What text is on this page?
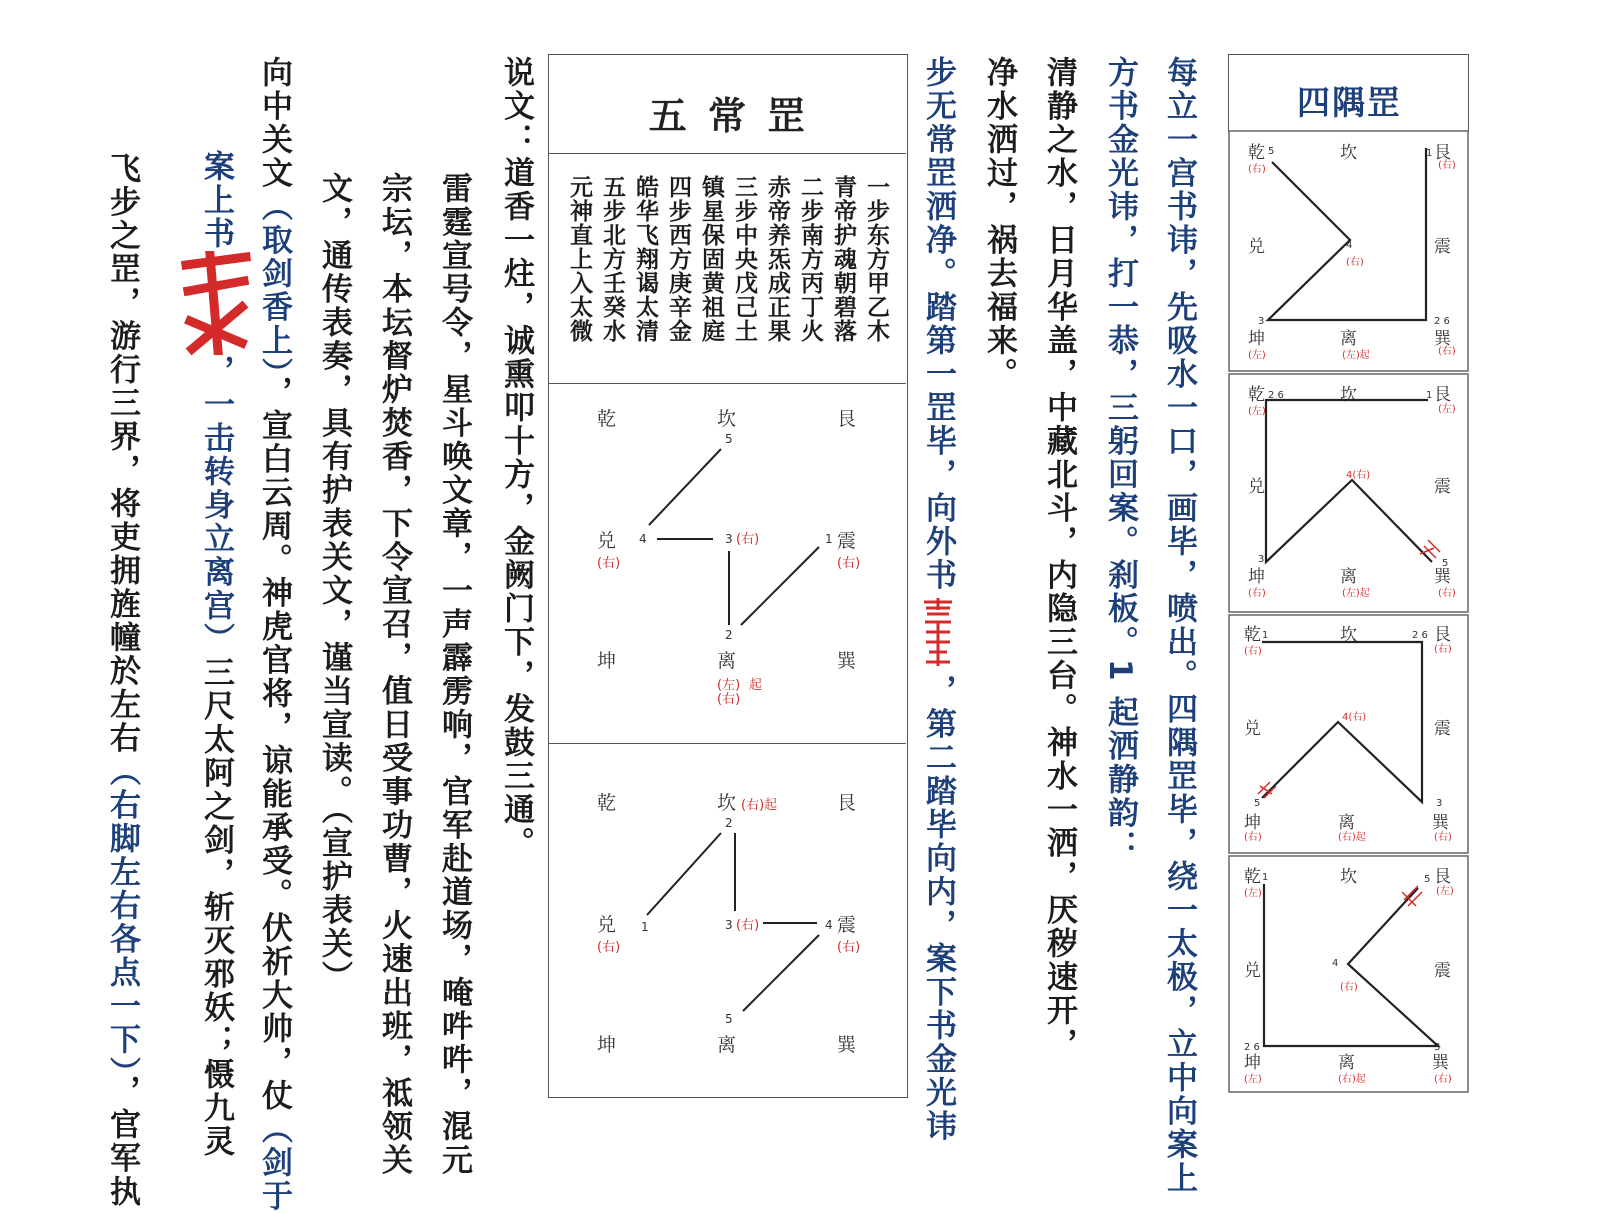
每立一宫书讳，先吸水一口，画毕，喷出。四隅罡毕，绕一太极，立中向案上
方书金光讳，打一恭，三躬回案。刹板。1 起洒静韵：
清静之水，日月华盖，中藏北斗，内隐三台。神水一洒，厌秽速开，
净水洒过，祸去福来。
步无常罡洒净。踏第一罡毕，向外书，第二踏毕向内，案下书金光讳
说文：道香一炷，诚熏叩十方，金阙门下，发鼓三通。
雷霆宣号令，星斗唤文章，一声霹雳响，官军赴道场，唵吽吽，混元
宗坛，本坛督炉焚香，下令宣召，值日受事功曹，火速出班，祗领关
文，通传表奏，具有护表关文，谨当宣读。（宣护表关）
向中关文（取剑香上），宣白云周。神虎官将，谅能承受。伏祈大帅，仗（剑于
案上书，一击转身立离宫）三尺太阿之剑，斩灭邪妖；慑九灵
飞步之罡，游行三界，将吏拥旌幢於左右（右脚左右各点一下），官军执
五 常 罡
一步东方甲乙木
青帝护魂朝碧落
二步南方丙丁火
赤帝养炁成正果
三步中央戊己土
镇星保固黄祖庭
四步西方庚辛金
皓华飞翔谒太清
五步北方壬癸水
元神直上入太微
乾	坎	艮
兑	震
坤	离	巽
5
4	3	1
2
(右)
(右)	(右)
(左) 起
(右)
乾	坎	艮
兑	震
坤	离	巽
2
1	3	4
5
(右)起
(右)
(右)	(右)
四隅罡
乾	坎	艮
兑	震
坤	离	巽
(右)	(右)
(右)
(左)	(左)起	(右)
5	1
4
3	2 6
乾	坎	艮
兑	震
坤	离	巽
(左)	(左)
(右)	(左)起	(右)
4(右)
2 6	1
3	5
乾	坎	艮
兑	震
坤	离	巽
(右)	(右)
(右)	(右)起	(右)
4(右)
1	2 6
5	3
乾	坎	艮
兑	震
坤	离	巽
(左)	(左)
(右)
(左)	(右)起	(右)
1	5
4
2 6	3
